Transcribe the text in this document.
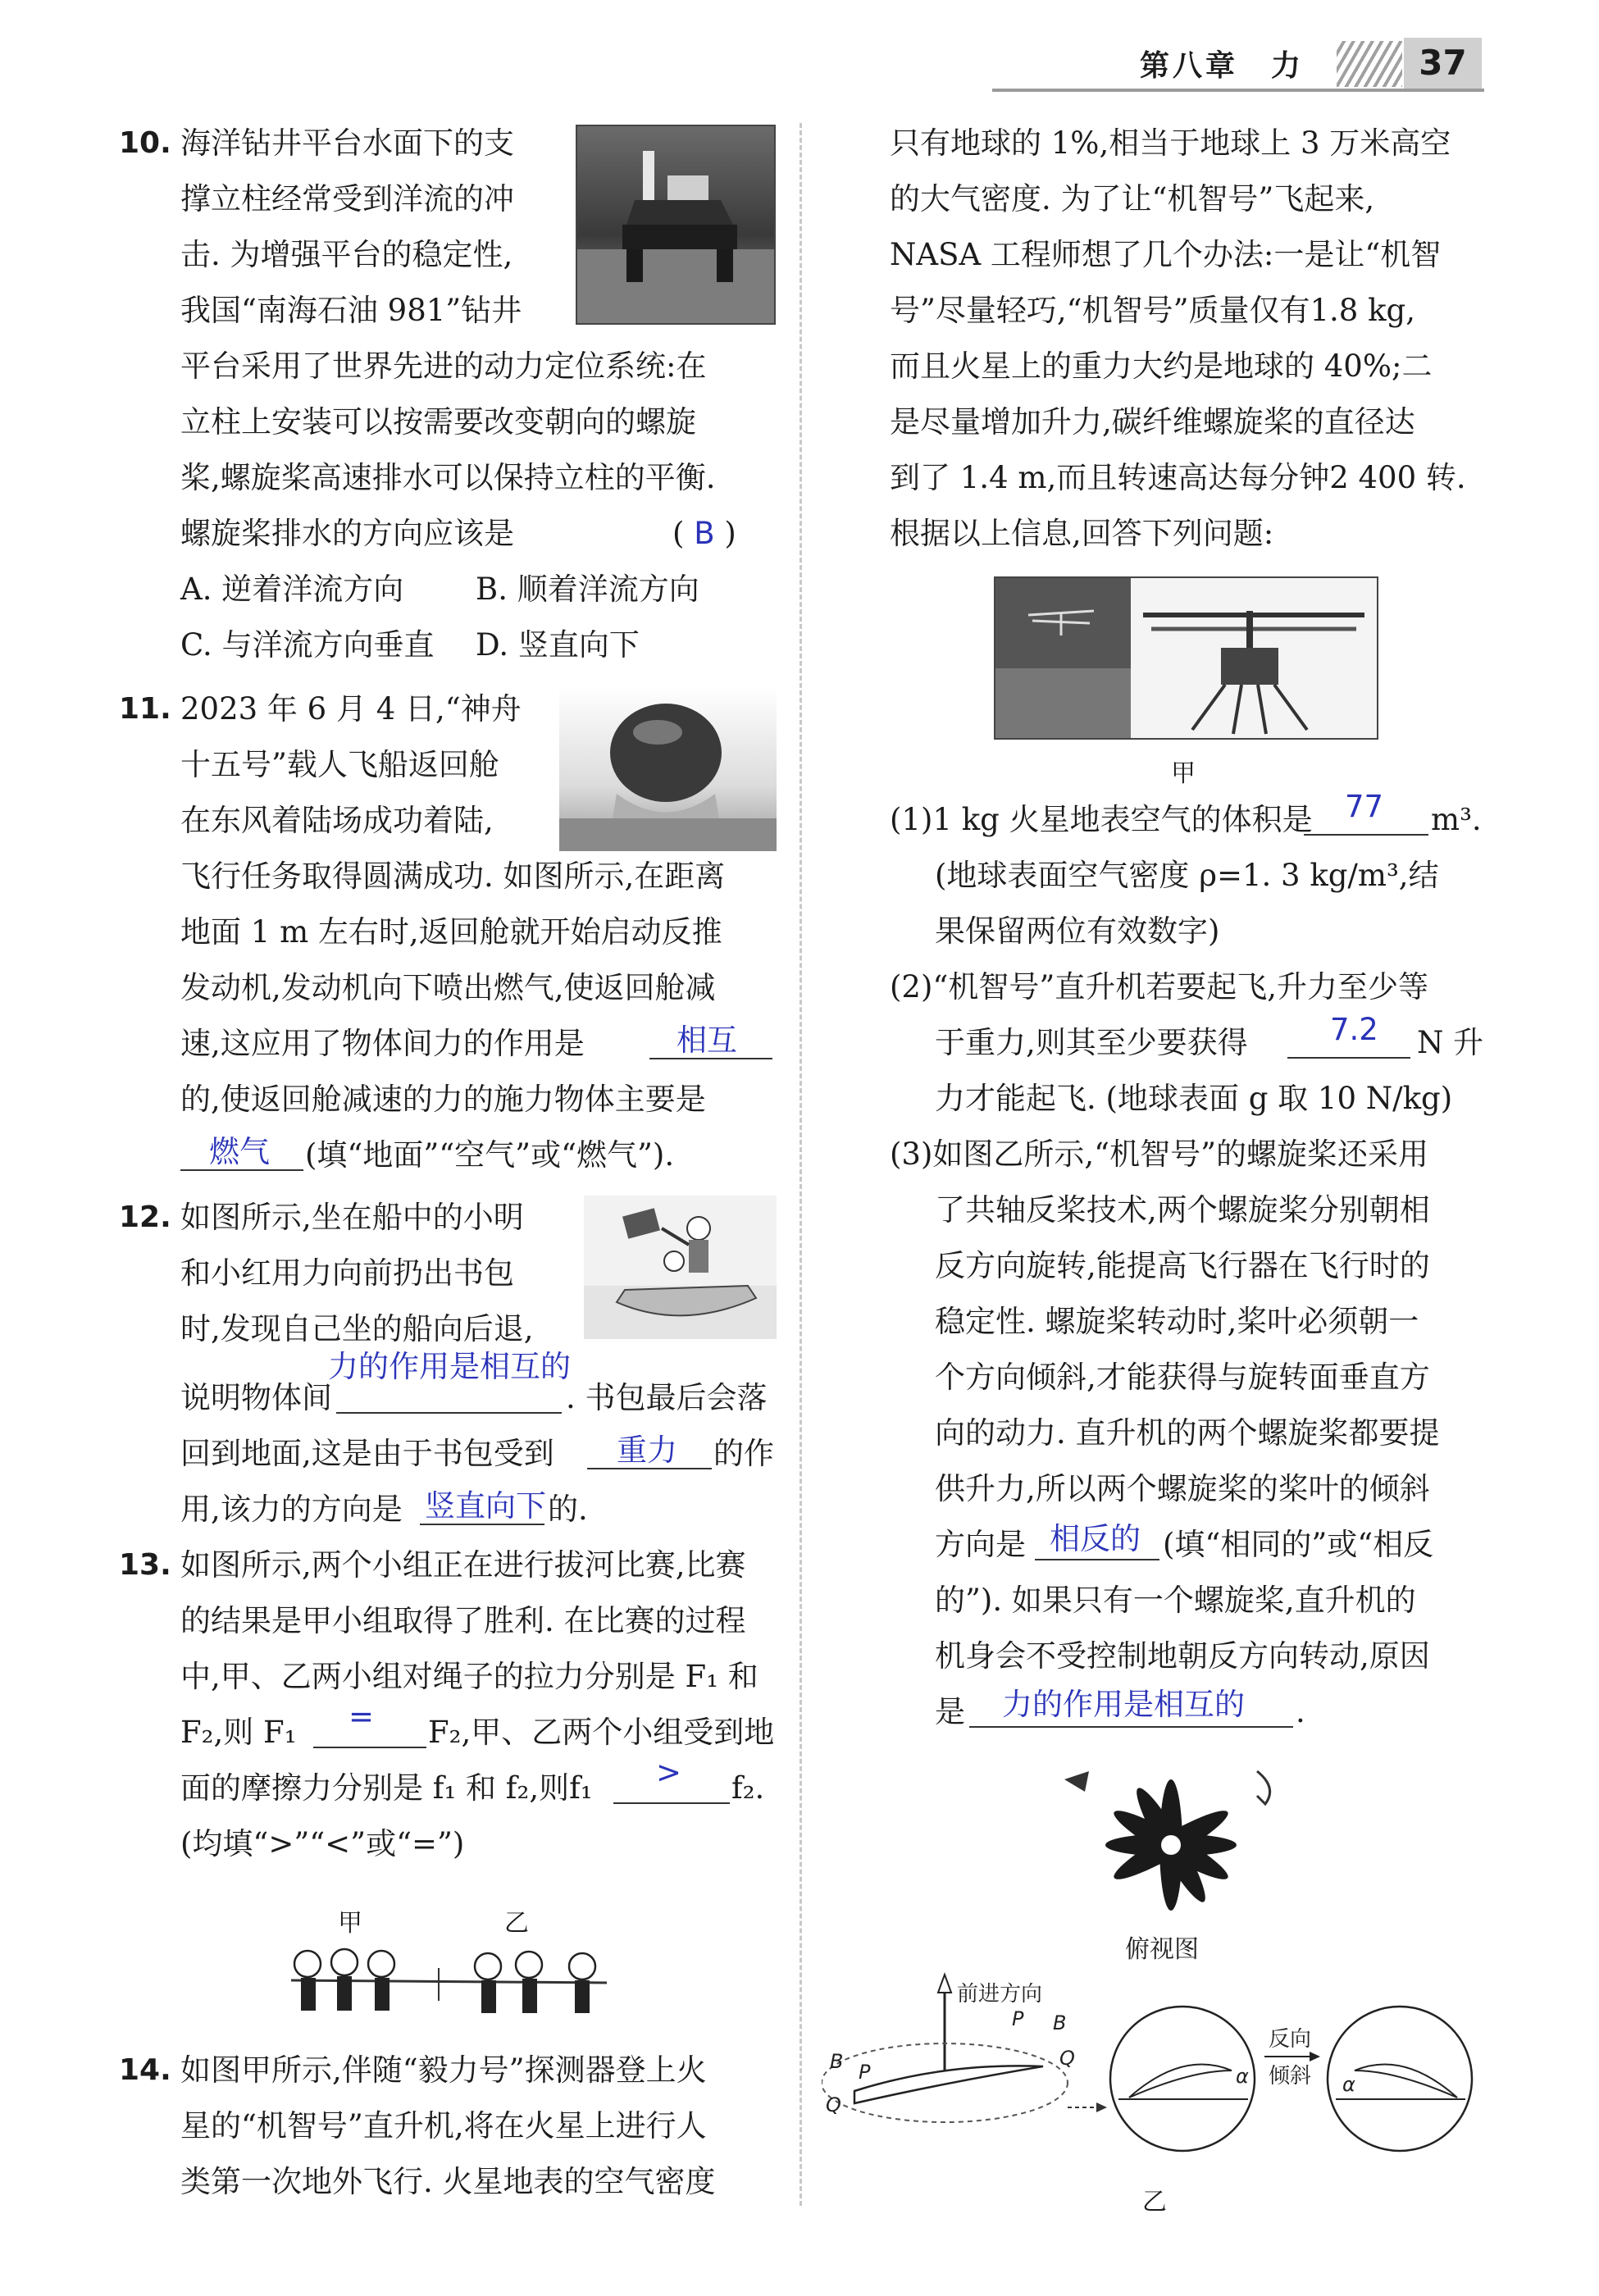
第八章　力	37
10. 海洋钻井平台水面下的支
撑立柱经常受到洋流的冲
击. 为增强平台的稳定性,
我国“南海石油 981”钻井
平台采用了世界先进的动力定位系统:在
立柱上安装可以按需要改变朝向的螺旋
桨,螺旋桨高速排水可以保持立柱的平衡.
螺旋桨排水的方向应该是	( B )
A. 逆着洋流方向 B. 顺着洋流方向
C. 与洋流方向垂直 D. 竖直向下
11. 2023 年 6 月 4 日,“神舟
十五号”载人飞船返回舱
在东风着陆场成功着陆,
飞行任务取得圆满成功. 如图所示,在距离
地面 1 m 左右时,返回舱就开始启动反推
发动机,发动机向下喷出燃气,使返回舱减
速,这应用了物体间力的作用是	相互
的,使返回舱减速的力的施力物体主要是
燃气 (填“地面”“空气”或“燃气”).
12. 如图所示,坐在船中的小明
和小红用力向前扔出书包
时,发现自己坐的船向后退,
说明物体间
力的作用是相互的
. 书包最后会落
回到地面,这是由于书包受到 重力 的作
用,该力的方向是 竖直向下 的.
13. 如图所示,两个小组正在进行拔河比赛,比赛
的结果是甲小组取得了胜利. 在比赛的过程
中,甲、乙两小组对绳子的拉力分别是 F₁ 和
F₂,则 F₁ = F₂,甲、乙两个小组受到地
面的摩擦力分别是 f₁ 和 f₂,则f₁ > f₂.
(均填“>”“<”或“=”)
甲	乙
14. 如图甲所示,伴随“毅力号”探测器登上火
星的“机智号”直升机,将在火星上进行人
类第一次地外飞行. 火星地表的空气密度
只有地球的 1%,相当于地球上 3 万米高空
的大气密度. 为了让“机智号”飞起来,
NASA 工程师想了几个办法:一是让“机智
号”尽量轻巧,“机智号”质量仅有1.8 kg,
而且火星上的重力大约是地球的 40%;二
是尽量增加升力,碳纤维螺旋桨的直径达
到了 1.4 m,而且转速高达每分钟2 400 转.
根据以上信息,回答下列问题:
甲
(1)1 kg 火星地表空气的体积是 77 m³.
(地球表面空气密度 ρ=1. 3 kg/m³,结
果保留两位有效数字)
(2)“机智号”直升机若要起飞,升力至少等
于重力,则其至少要获得	7.2 N 升
力才能起飞. (地球表面 g 取 10 N/kg)
(3)如图乙所示,“机智号”的螺旋桨还采用
了共轴反桨技术,两个螺旋桨分别朝相
反方向旋转,能提高飞行器在飞行时的
稳定性. 螺旋桨转动时,桨叶必须朝一
个方向倾斜,才能获得与旋转面垂直方
向的动力. 直升机的两个螺旋桨都要提
供升力,所以两个螺旋桨的桨叶的倾斜
方向是 相反的 (填“相同的”或“相反
的”). 如果只有一个螺旋桨,直升机的
机身会不受控制地朝反方向转动,原因
是 力的作用是相互的 .
俯视图
前进方向
B P
Q
P B
Q
α
反向
倾斜 α
乙
